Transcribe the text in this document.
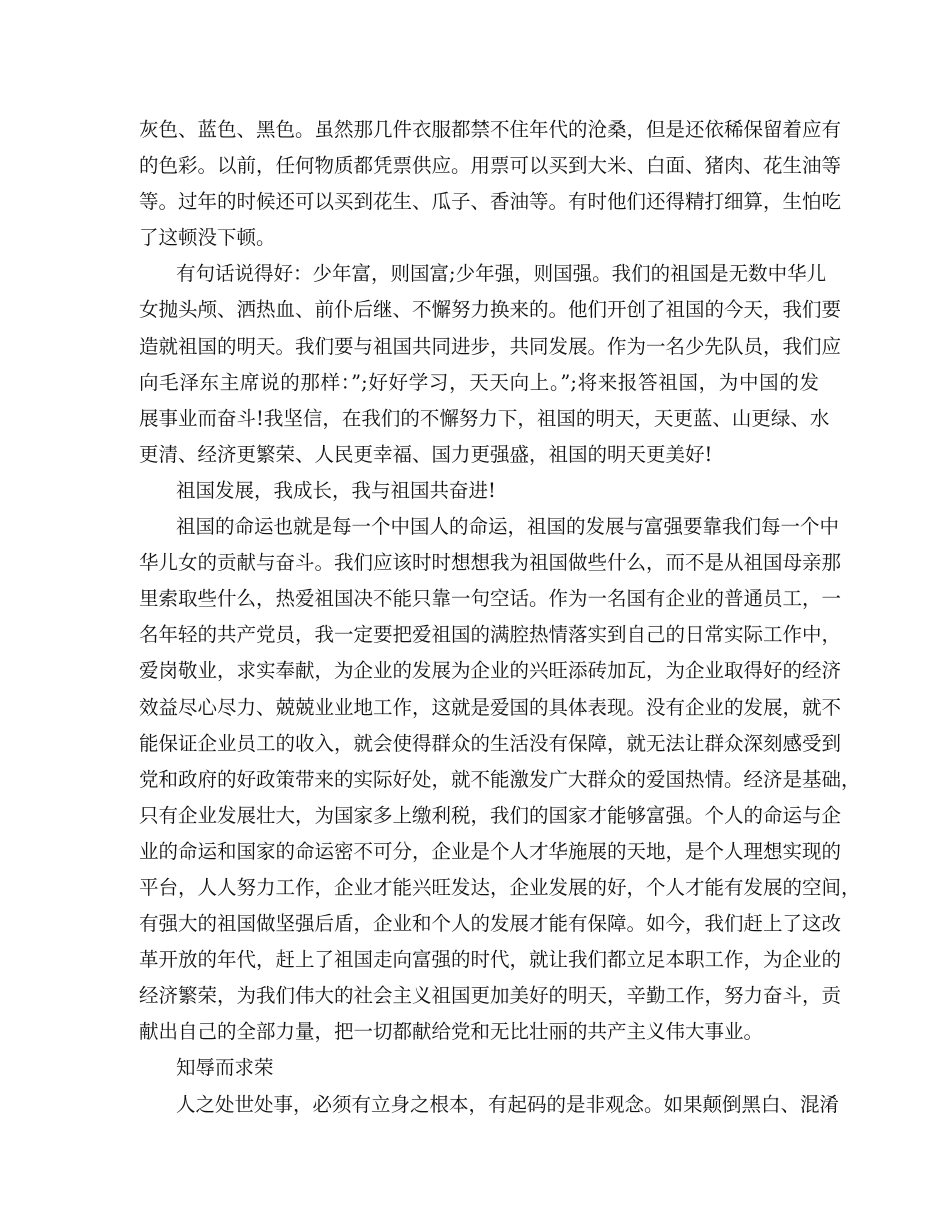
灰色、蓝色、黑色。虽然那几件衣服都禁不住年代的沧桑，但是还依稀保留着应有
的色彩。以前，任何物质都凭票供应。用票可以买到大米、白面、猪肉、花生油等
等。过年的时候还可以买到花生、瓜子、香油等。有时他们还得精打细算，生怕吃
了这顿没下顿。
有句话说得好：少年富，则国富;少年强，则国强。我们的祖国是无数中华儿
女抛头颅、洒热血、前仆后继、不懈努力换来的。他们开创了祖国的今天，我们要
造就祖国的明天。我们要与祖国共同进步，共同发展。作为一名少先队员，我们应
向毛泽东主席说的那样：”;好好学习，天天向上。”;将来报答祖国，为中国的发
展事业而奋斗!我坚信，在我们的不懈努力下，祖国的明天，天更蓝、山更绿、水
更清、经济更繁荣、人民更幸福、国力更强盛，祖国的明天更美好!
祖国发展，我成长，我与祖国共奋进!
祖国的命运也就是每一个中国人的命运，祖国的发展与富强要靠我们每一个中
华儿女的贡献与奋斗。我们应该时时想想我为祖国做些什么，而不是从祖国母亲那
里索取些什么，热爱祖国决不能只靠一句空话。作为一名国有企业的普通员工，一
名年轻的共产党员，我一定要把爱祖国的满腔热情落实到自己的日常实际工作中，
爱岗敬业，求实奉献，为企业的发展为企业的兴旺添砖加瓦，为企业取得好的经济
效益尽心尽力、兢兢业业地工作，这就是爱国的具体表现。没有企业的发展，就不
能保证企业员工的收入，就会使得群众的生活没有保障，就无法让群众深刻感受到
党和政府的好政策带来的实际好处，就不能激发广大群众的爱国热情。经济是基础，
只有企业发展壮大，为国家多上缴利税，我们的国家才能够富强。个人的命运与企
业的命运和国家的命运密不可分，企业是个人才华施展的天地，是个人理想实现的
平台，人人努力工作，企业才能兴旺发达，企业发展的好，个人才能有发展的空间，
有强大的祖国做坚强后盾，企业和个人的发展才能有保障。如今，我们赶上了这改
革开放的年代，赶上了祖国走向富强的时代，就让我们都立足本职工作，为企业的
经济繁荣，为我们伟大的社会主义祖国更加美好的明天，辛勤工作，努力奋斗，贡
献出自己的全部力量，把一切都献给党和无比壮丽的共产主义伟大事业。
知辱而求荣
人之处世处事，必须有立身之根本，有起码的是非观念。如果颠倒黑白、混淆
